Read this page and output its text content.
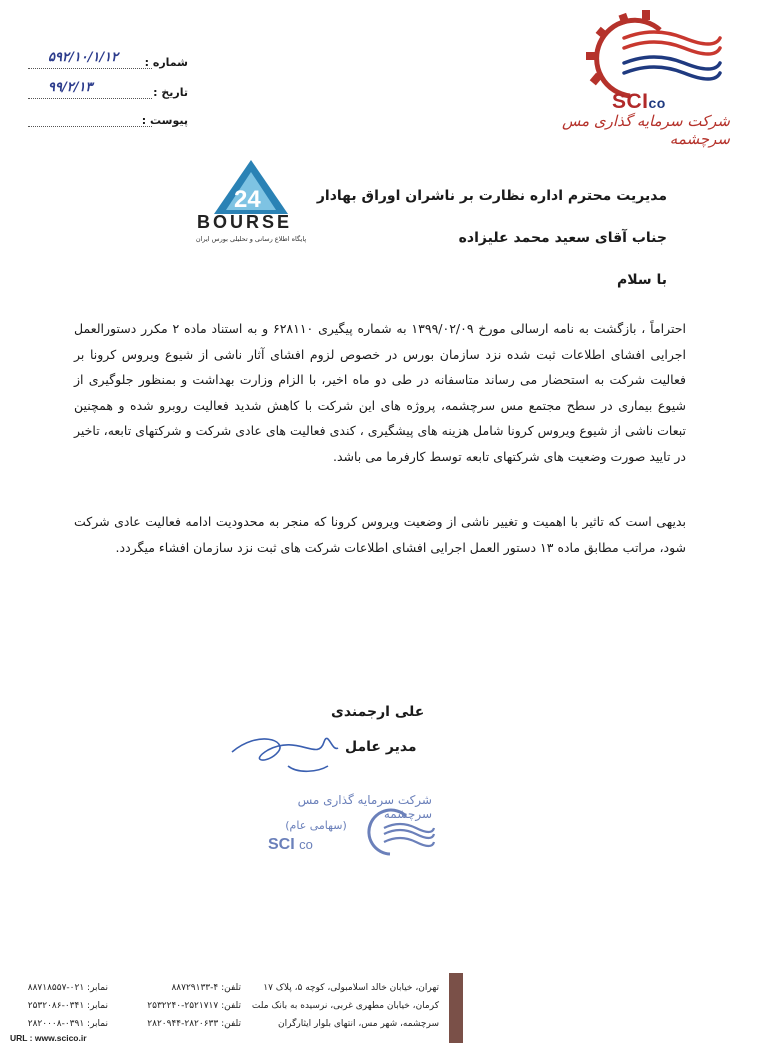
شماره :
۵۹۲/۱۰/۱/۱۲
تاریخ :
۹۹/۲/۱۳
پیوست :
SCIco
شرکت سرمایه گذاری مس سرچشمه
24
BOURSE
پایگاه اطلاع رسانی و تحلیلی بورس ایران
مدیریت محترم اداره نظارت بر ناشران اوراق بهادار
جناب آقای سعید محمد علیزاده
با سلام
احتراماً ، بازگشت به نامه ارسالی مورخ ۱۳۹۹/۰۲/۰۹ به شماره پیگیری ۶۲۸۱۱۰ و به استناد ماده ۲ مکرر دستورالعمل اجرایی افشای اطلاعات ثبت شده نزد سازمان بورس در خصوص لزوم افشای آثار ناشی از شیوع ویروس کرونا بر فعالیت شرکت به استحضار می رساند متاسفانه در طی دو ماه اخیر، با الزام وزارت بهداشت و بمنظور جلوگیری از شیوع بیماری در سطح مجتمع مس سرچشمه، پروژه های این شرکت با کاهش شدید فعالیت روبرو شده و همچنین تبعات ناشی از شیوع ویروس کرونا شامل هزینه های پیشگیری ، کندی فعالیت های عادی شرکت و شرکتهای تابعه، تاخیر در تایید صورت وضعیت های شرکتهای تابعه توسط کارفرما می باشد.
بدیهی است که تاثیر با اهمیت و تغییر ناشی از وضعیت ویروس کرونا که منجر به محدودیت ادامه فعالیت عادی شرکت شود، مراتب مطابق ماده ۱۳ دستور العمل اجرایی افشای اطلاعات شرکت های ثبت نزد سازمان افشاء میگردد.
علی ارجمندی
مدیر عامل
شرکت سرمایه گذاری مس سرچشمه
(سهامی عام)
SCI co
تهران، خیابان خالد اسلامبولی، کوچه ۵، پلاک ۱۷
کرمان، خیابان مطهری غربی، نرسیده به بانک ملت
سرچشمه، شهر مس، انتهای بلوار ایثارگران
تلفن: ۴-۸۸۷۲۹۱۳۳
تلفن: ۲۵۲۱۷۱۷-۲۵۳۲۲۴۰
تلفن: ۲۸۲۰۶۳۳-۲۸۲۰۹۴۴
نمابر: ۰۲۱-۸۸۷۱۸۵۵۷
نمابر: ۰۳۴۱-۲۵۳۲۰۸۶
نمابر: ۰۳۹۱-۲۸۲۰۰۰۸
URL : www.scico.ir
